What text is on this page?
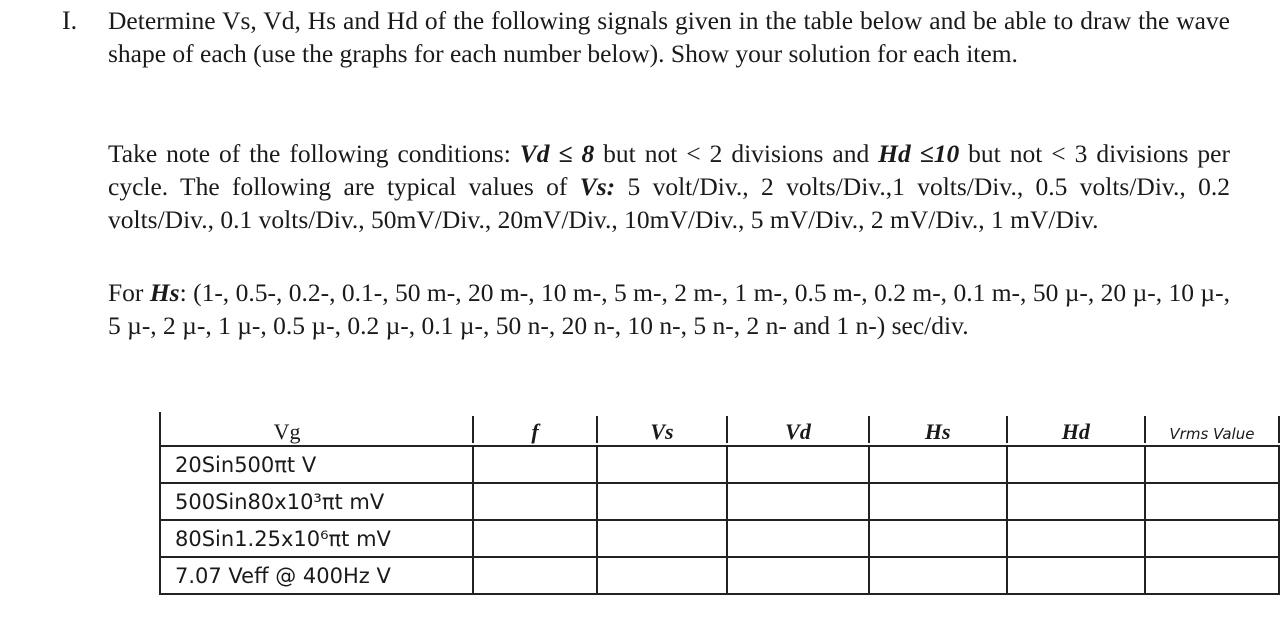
I. Determine Vs, Vd, Hs and Hd of the following signals given in the table below and be able to draw the wave shape of each (use the graphs for each number below). Show your solution for each item.
Take note of the following conditions: Vd ≤ 8 but not < 2 divisions and Hd ≤10 but not < 3 divisions per cycle. The following are typical values of Vs: 5 volt/Div., 2 volts/Div.,1 volts/Div., 0.5 volts/Div., 0.2 volts/Div., 0.1 volts/Div., 50mV/Div., 20mV/Div., 10mV/Div., 5 mV/Div., 2 mV/Div., 1 mV/Div.
For Hs: (1-, 0.5-, 0.2-, 0.1-, 50 m-, 20 m-, 10 m-, 5 m-, 2 m-, 1 m-, 0.5 m-, 0.2 m-, 0.1 m-, 50 µ-, 20 µ-, 10 µ-, 5 µ-, 2 µ-, 1 µ-, 0.5 µ-, 0.2 µ-, 0.1 µ-, 50 n-, 20 n-, 10 n-, 5 n-, 2 n- and 1 n-) sec/div.
Vg	f	Vs	Vd	Hs	Hd	Vrms Value

20Sin500πt V						
500Sin80x10³πt mV						
80Sin1.25x10⁶πt mV						
7.07 Veff @ 400Hz V						
